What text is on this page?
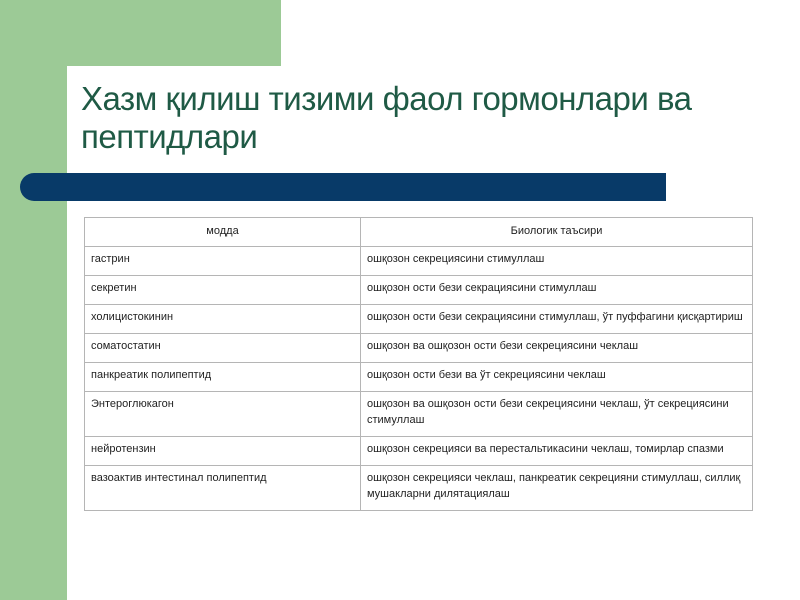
Хазм қилиш тизими фаол гормонлари ва пептидлари
модда	Биологик таъсири
гастрин	ошқозон секрециясини стимуллаш
секретин	ошқозон ости бези секрациясини стимуллаш
холицистокинин	ошқозон ости бези секрациясини стимуллаш, ўт пуффагини қисқартириш
соматостатин	ошқозон ва ошқозон ости бези секрециясини чеклаш
панкреатик полипептид	ошқозон ости бези ва ўт секрециясини чеклаш
Энтероглюкагон	ошқозон ва ошқозон ости бези секрециясини чеклаш, ўт секрециясини стимуллаш
нейротензин	ошқозон секрецияси ва перестальтикасини чеклаш, томирлар спазми
вазоактив интестинал полипептид	ошқозон секрецияси чеклаш, панкреатик секрецияни стимуллаш, силлиқ мушакларни дилятациялаш
